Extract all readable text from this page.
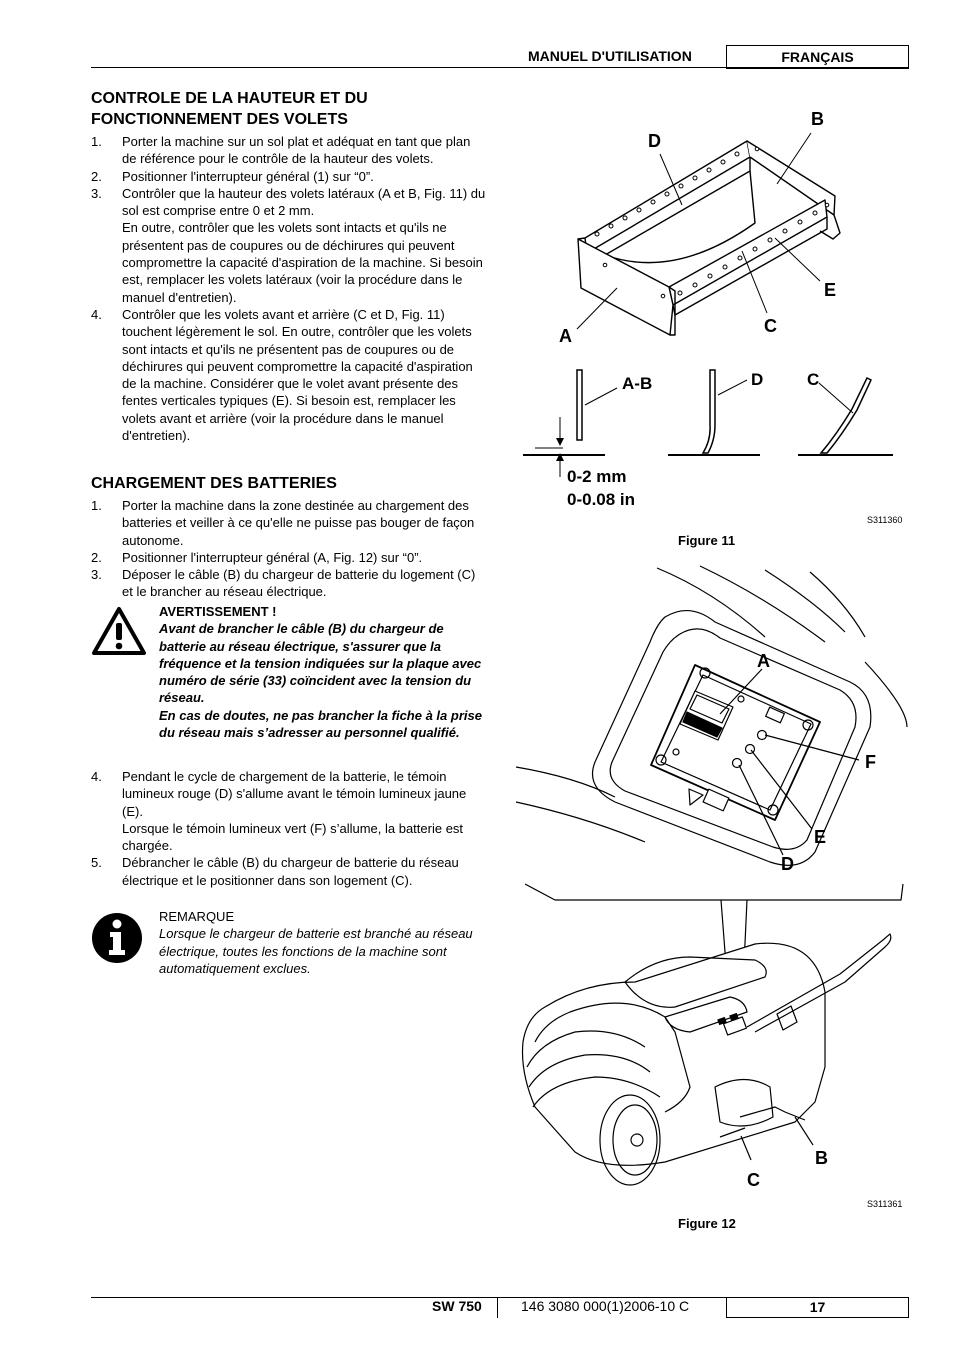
MANUEL D'UTILISATION	FRANÇAIS
CONTROLE DE LA HAUTEUR ET DU FONCTIONNEMENT DES VOLETS
1. Porter la machine sur un sol plat et adéquat en tant que plan de référence pour le contrôle de la hauteur des volets.
2. Positionner l'interrupteur général (1) sur “0”.
3. Contrôler que la hauteur des volets latéraux (A et B, Fig. 11) du sol est comprise entre 0 et 2 mm.
En outre, contrôler que les volets sont intacts et qu'ils ne présentent pas de coupures ou de déchirures qui peuvent compromettre la capacité d'aspiration de la machine. Si besoin est, remplacer les volets latéraux (voir la procédure dans le manuel d'entretien).
4. Contrôler que les volets avant et arrière (C et D, Fig. 11) touchent légèrement le sol. En outre, contrôler que les volets sont intacts et qu'ils ne présentent pas de coupures ou de déchirures qui peuvent compromettre la capacité d'aspiration de la machine. Considérer que le volet avant présente des fentes verticales typiques (E). Si besoin est, remplacer les volets avant et arrière (voir la procédure dans le manuel d'entretien).
CHARGEMENT DES BATTERIES
1. Porter la machine dans la zone destinée au chargement des batteries et veiller à ce qu'elle ne puisse pas bouger de façon autonome.
2. Positionner l'interrupteur général (A, Fig. 12) sur “0”.
3. Déposer le câble (B) du chargeur de batterie du logement (C) et le brancher au réseau électrique.
AVERTISSEMENT !
Avant de brancher le câble (B) du chargeur de batterie au réseau électrique, s'assurer que la fréquence et la tension indiquées sur la plaque avec numéro de série (33) coïncident avec la tension du réseau.
En cas de doutes, ne pas brancher la fiche à la prise du réseau mais s’adresser au personnel qualifié.
4. Pendant le cycle de chargement de la batterie, le témoin lumineux rouge (D) s'allume avant le témoin lumineux jaune (E).
Lorsque le témoin lumineux vert (F) s’allume, la batterie est chargée.
5. Débrancher le câble (B) du chargeur de batterie du réseau électrique et le positionner dans son logement (C).
REMARQUE
Lorsque le chargeur de batterie est branché au réseau électrique, toutes les fonctions de la machine sont automatiquement exclues.
D
B
E
C
A
A-B	D	C
0-2 mm
0-0.08 in
S311360
Figure 11
A
F
E
D
B
C
S311361
Figure 12
SW 750	146 3080 000(1)2006-10 C	17
